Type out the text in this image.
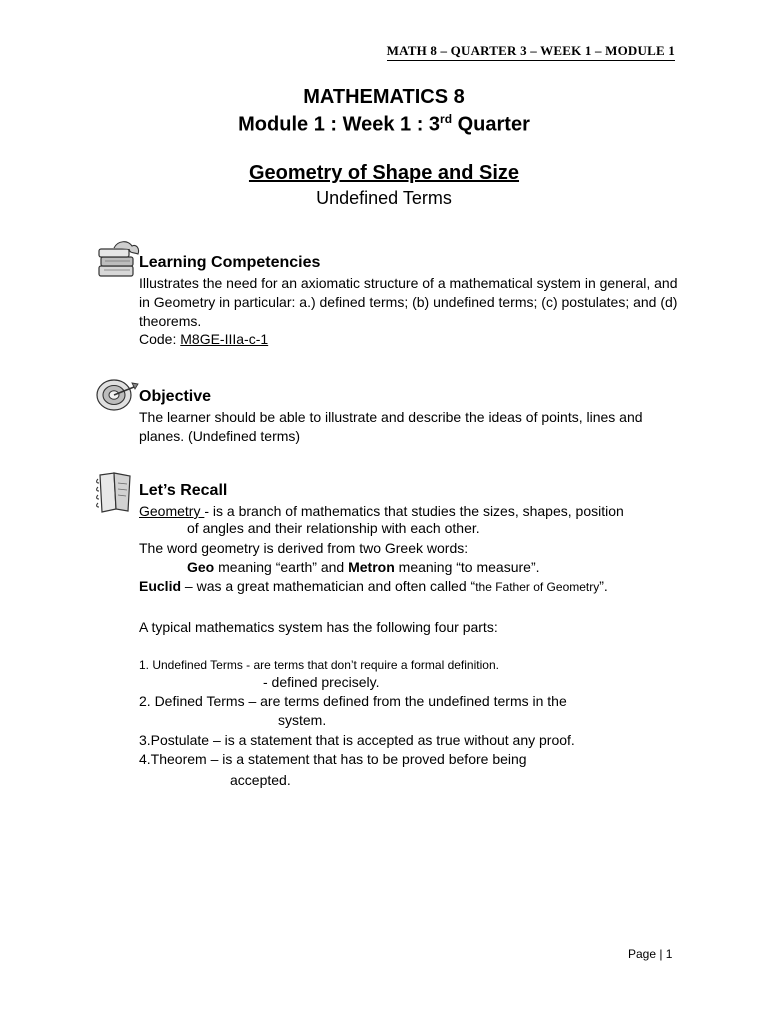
MATH 8 – QUARTER 3 – WEEK 1 – MODULE 1
MATHEMATICS 8
Module 1 : Week 1 : 3rd Quarter
Geometry of Shape and Size
Undefined Terms
Learning Competencies
Illustrates the need for an axiomatic structure of a mathematical system in general, and in Geometry in particular: a.) defined terms; (b) undefined terms; (c) postulates; and (d) theorems.
Code: M8GE-IIIa-c-1
Objective
The learner should be able to illustrate and describe the ideas of points, lines and planes. (Undefined terms)
Let’s Recall
Geometry - is a branch of mathematics that studies the sizes, shapes, position
of angles and their relationship with each other.
The word geometry is derived from two Greek words:
Geo meaning “earth” and Metron meaning “to measure”.
Euclid – was a great mathematician and often called “the Father of Geometry”.
A typical mathematics system has the following four parts:
1. Undefined Terms - are terms that don’t require a formal definition.
- defined precisely.
2. Defined Terms – are terms defined from the undefined terms in the
system.
3.Postulate – is a statement that is accepted as true without any proof.
4.Theorem – is a statement that has to be proved before being
accepted.
Page | 1
